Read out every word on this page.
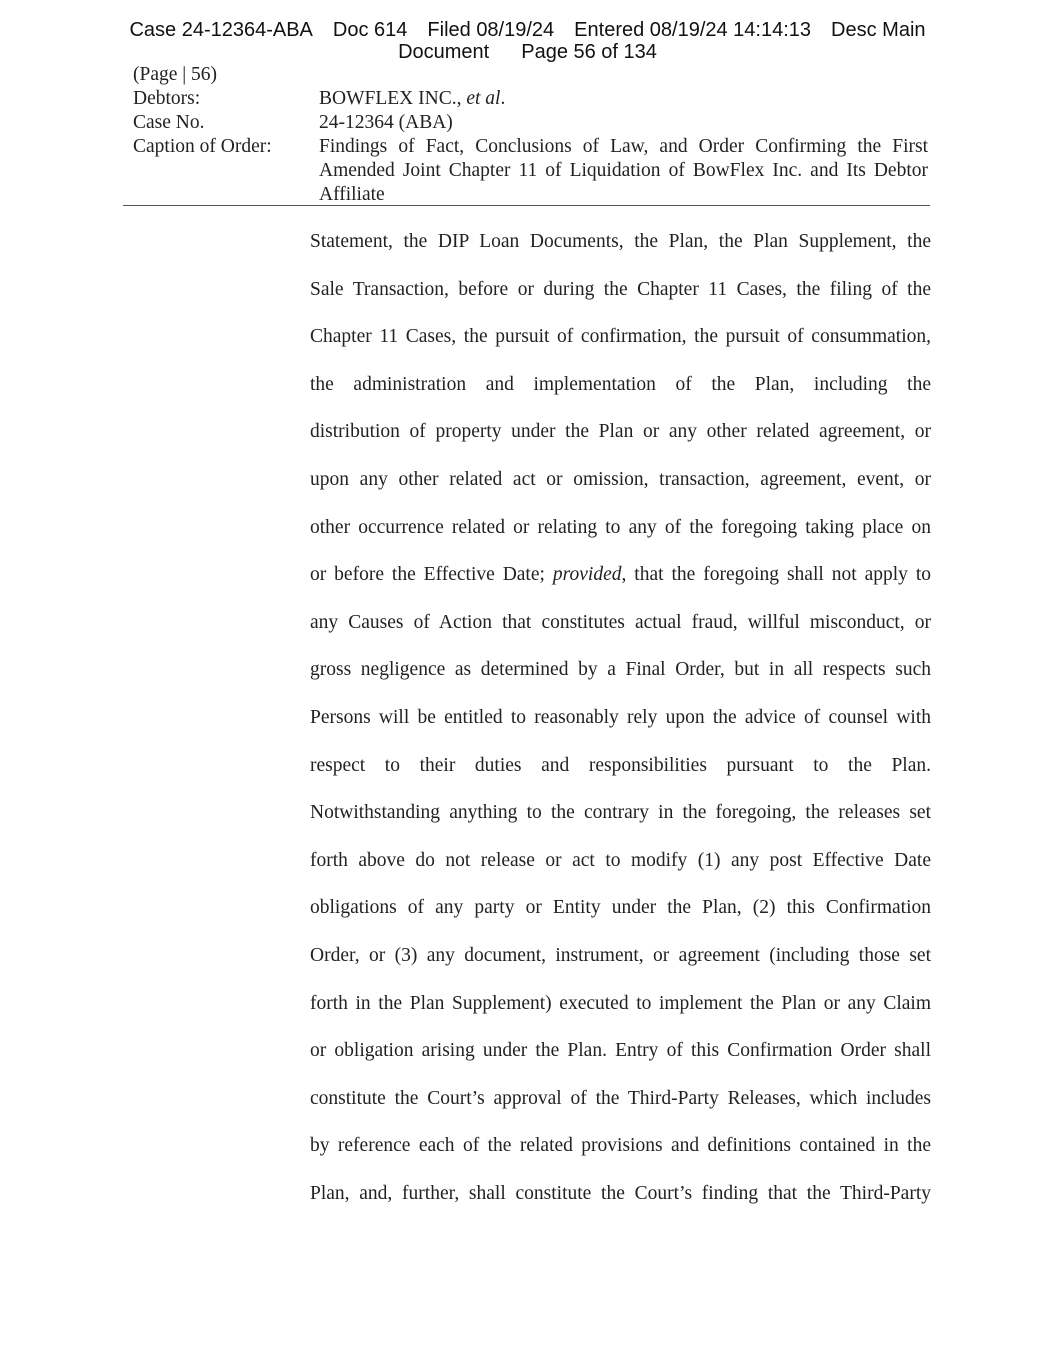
Case 24-12364-ABA Doc 614 Filed 08/19/24 Entered 08/19/24 14:14:13 Desc Main
Document Page 56 of 134
(Page | 56)
Debtors:	BOWFLEX INC., et al.
Case No.	24-12364 (ABA)
Caption of Order:	Findings of Fact, Conclusions of Law, and Order Confirming the First
Amended Joint Chapter 11 of Liquidation of BowFlex Inc. and Its Debtor
Affiliate
Statement, the DIP Loan Documents, the Plan, the Plan Supplement, the
Sale Transaction, before or during the Chapter 11 Cases, the filing of the
Chapter 11 Cases, the pursuit of confirmation, the pursuit of consummation,
the administration and implementation of the Plan, including the
distribution of property under the Plan or any other related agreement, or
upon any other related act or omission, transaction, agreement, event, or
other occurrence related or relating to any of the foregoing taking place on
or before the Effective Date; provided, that the foregoing shall not apply to
any Causes of Action that constitutes actual fraud, willful misconduct, or
gross negligence as determined by a Final Order, but in all respects such
Persons will be entitled to reasonably rely upon the advice of counsel with
respect to their duties and responsibilities pursuant to the Plan.
Notwithstanding anything to the contrary in the foregoing, the releases set
forth above do not release or act to modify (1) any post Effective Date
obligations of any party or Entity under the Plan, (2) this Confirmation
Order, or (3) any document, instrument, or agreement (including those set
forth in the Plan Supplement) executed to implement the Plan or any Claim
or obligation arising under the Plan. Entry of this Confirmation Order shall
constitute the Court’s approval of the Third-Party Releases, which includes
by reference each of the related provisions and definitions contained in the
Plan, and, further, shall constitute the Court’s finding that the Third-Party
